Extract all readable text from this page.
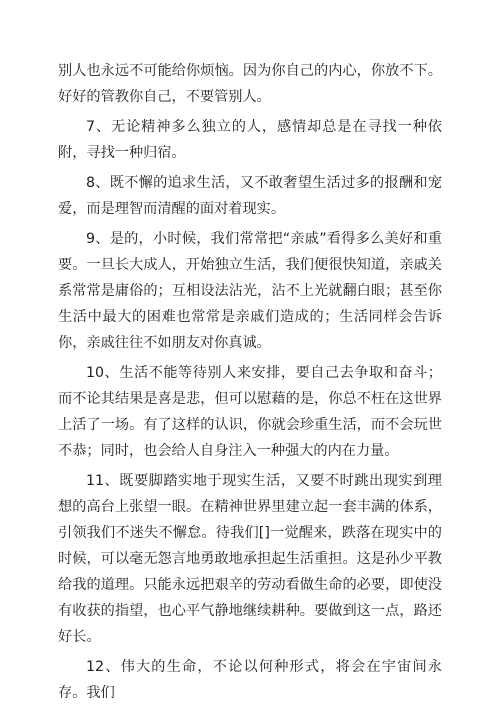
别人也永远不可能给你烦恼。因为你自己的内心，你放不下。好好的管教你自己，不要管别人。

7、无论精神多么独立的人，感情却总是在寻找一种依附，寻找一种归宿。

8、既不懈的追求生活，又不敢奢望生活过多的报酬和宠爱，而是理智而清醒的面对着现实。

9、是的，小时候，我们常常把“亲戚”看得多么美好和重要。一旦长大成人，开始独立生活，我们便很快知道，亲戚关系常常是庸俗的；互相设法沾光，沾不上光就翻白眼；甚至你生活中最大的困难也常常是亲戚们造成的；生活同样会告诉你，亲戚往往不如朋友对你真诚。

10、生活不能等待别人来安排，要自己去争取和奋斗；而不论其结果是喜是悲，但可以慰藉的是，你总不枉在这世界上活了一场。有了这样的认识，你就会珍重生活，而不会玩世不恭；同时，也会给人自身注入一种强大的内在力量。

11、既要脚踏实地于现实生活，又要不时跳出现实到理想的高台上张望一眼。在精神世界里建立起一套丰满的体系，引领我们不迷失不懈怠。待我们[]一觉醒来，跌落在现实中的时候，可以毫无怨言地勇敢地承担起生活重担。这是孙少平教给我的道理。只能永远把艰辛的劳动看做生命的必要，即使没有收获的指望，也心平气静地继续耕种。要做到这一点，路还好长。

12、伟大的生命，不论以何种形式，将会在宇宙间永存。我们
